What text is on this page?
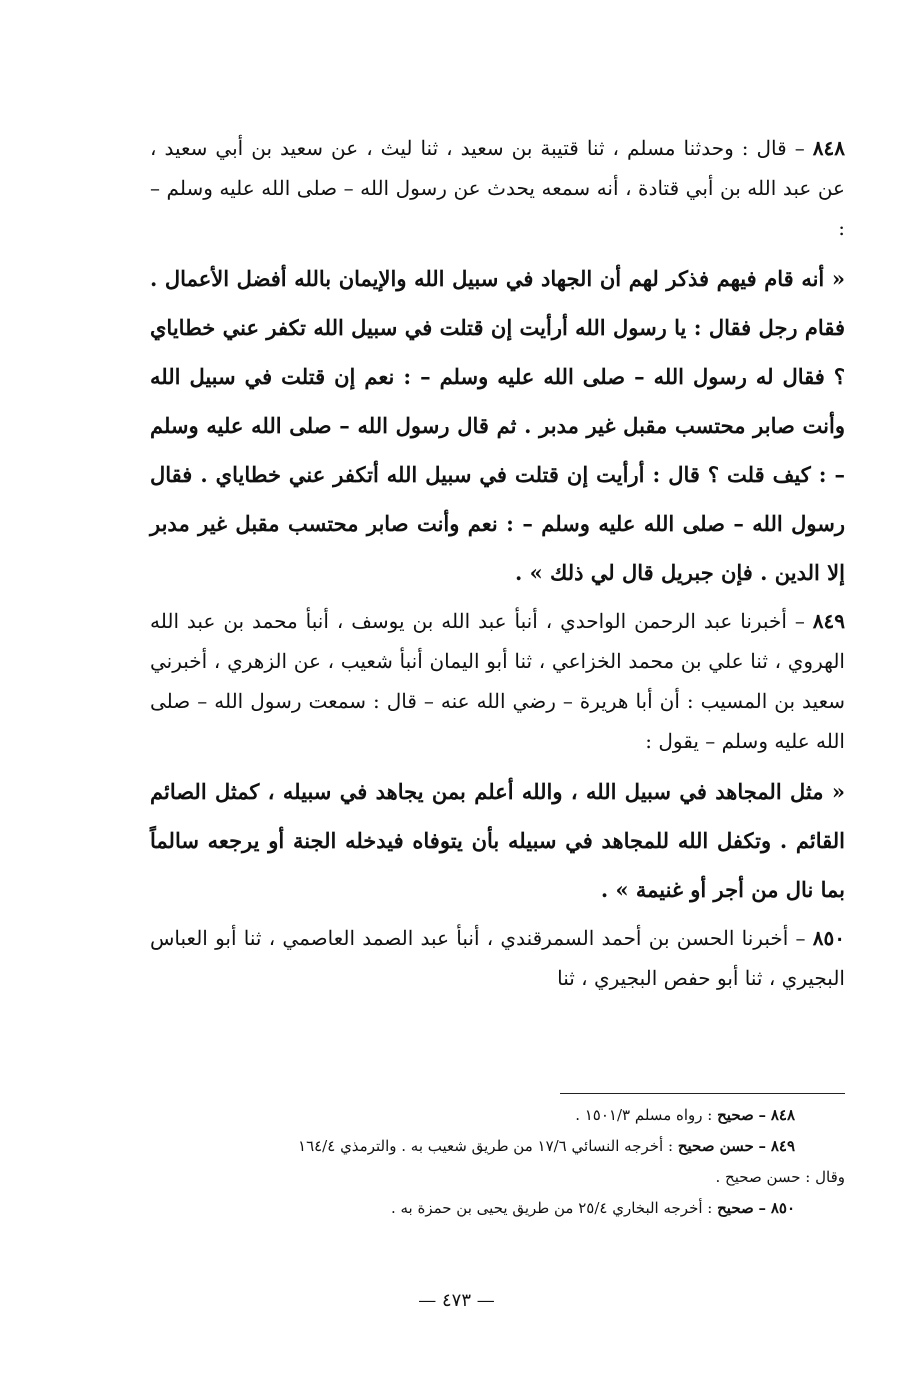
٨٤٨ – قال : وحدثنا مسلم ، ثنا قتيبة بن سعيد ، ثنا ليث ، عن سعيد بن أبي سعيد ، عن عبد الله بن أبي قتادة ، أنه سمعه يحدث عن رسول الله – صلى الله عليه وسلم – :

« أنه قام فيهم فذكر لهم أن الجهاد في سبيل الله والإيمان بالله أفضل الأعمال . فقام رجل فقال : يا رسول الله أرأيت إن قتلت في سبيل الله تكفر عني خطاياي ؟ فقال له رسول الله – صلى الله عليه وسلم – : نعم إن قتلت في سبيل الله وأنت صابر محتسب مقبل غير مدبر . ثم قال رسول الله – صلى الله عليه وسلم – : كيف قلت ؟ قال : أرأيت إن قتلت في سبيل الله أتكفر عني خطاياي . فقال رسول الله – صلى الله عليه وسلم – : نعم وأنت صابر محتسب مقبل غير مدبر إلا الدين . فإن جبريل قال لي ذلك » .

٨٤٩ – أخبرنا عبد الرحمن الواحدي ، أنبأ عبد الله بن يوسف ، أنبأ محمد بن عبد الله الهروي ، ثنا علي بن محمد الخزاعي ، ثنا أبو اليمان أنبأ شعيب ، عن الزهري ، أخبرني سعيد بن المسيب : أن أبا هريرة – رضي الله عنه – قال : سمعت رسول الله – صلى الله عليه وسلم – يقول :

« مثل المجاهد في سبيل الله ، والله أعلم بمن يجاهد في سبيله ، كمثل الصائم القائم . وتكفل الله للمجاهد في سبيله بأن يتوفاه فيدخله الجنة أو يرجعه سالماً بما نال من أجر أو غنيمة » .

٨٥٠ – أخبرنا الحسن بن أحمد السمرقندي ، أنبأ عبد الصمد العاصمي ، ثنا أبو العباس البجيري ، ثنا أبو حفص البجيري ، ثنا

٨٤٨ – صحيح : رواه مسلم ١٥٠١/٣ .

٨٤٩ – حسن صحيح : أخرجه النسائي ١٧/٦ من طريق شعيب به . والترمذي ١٦٤/٤

وقال : حسن صحيح .

٨٥٠ – صحيح : أخرجه البخاري ٢٥/٤ من طريق يحيى بن حمزة به .

— ٤٧٣ —
